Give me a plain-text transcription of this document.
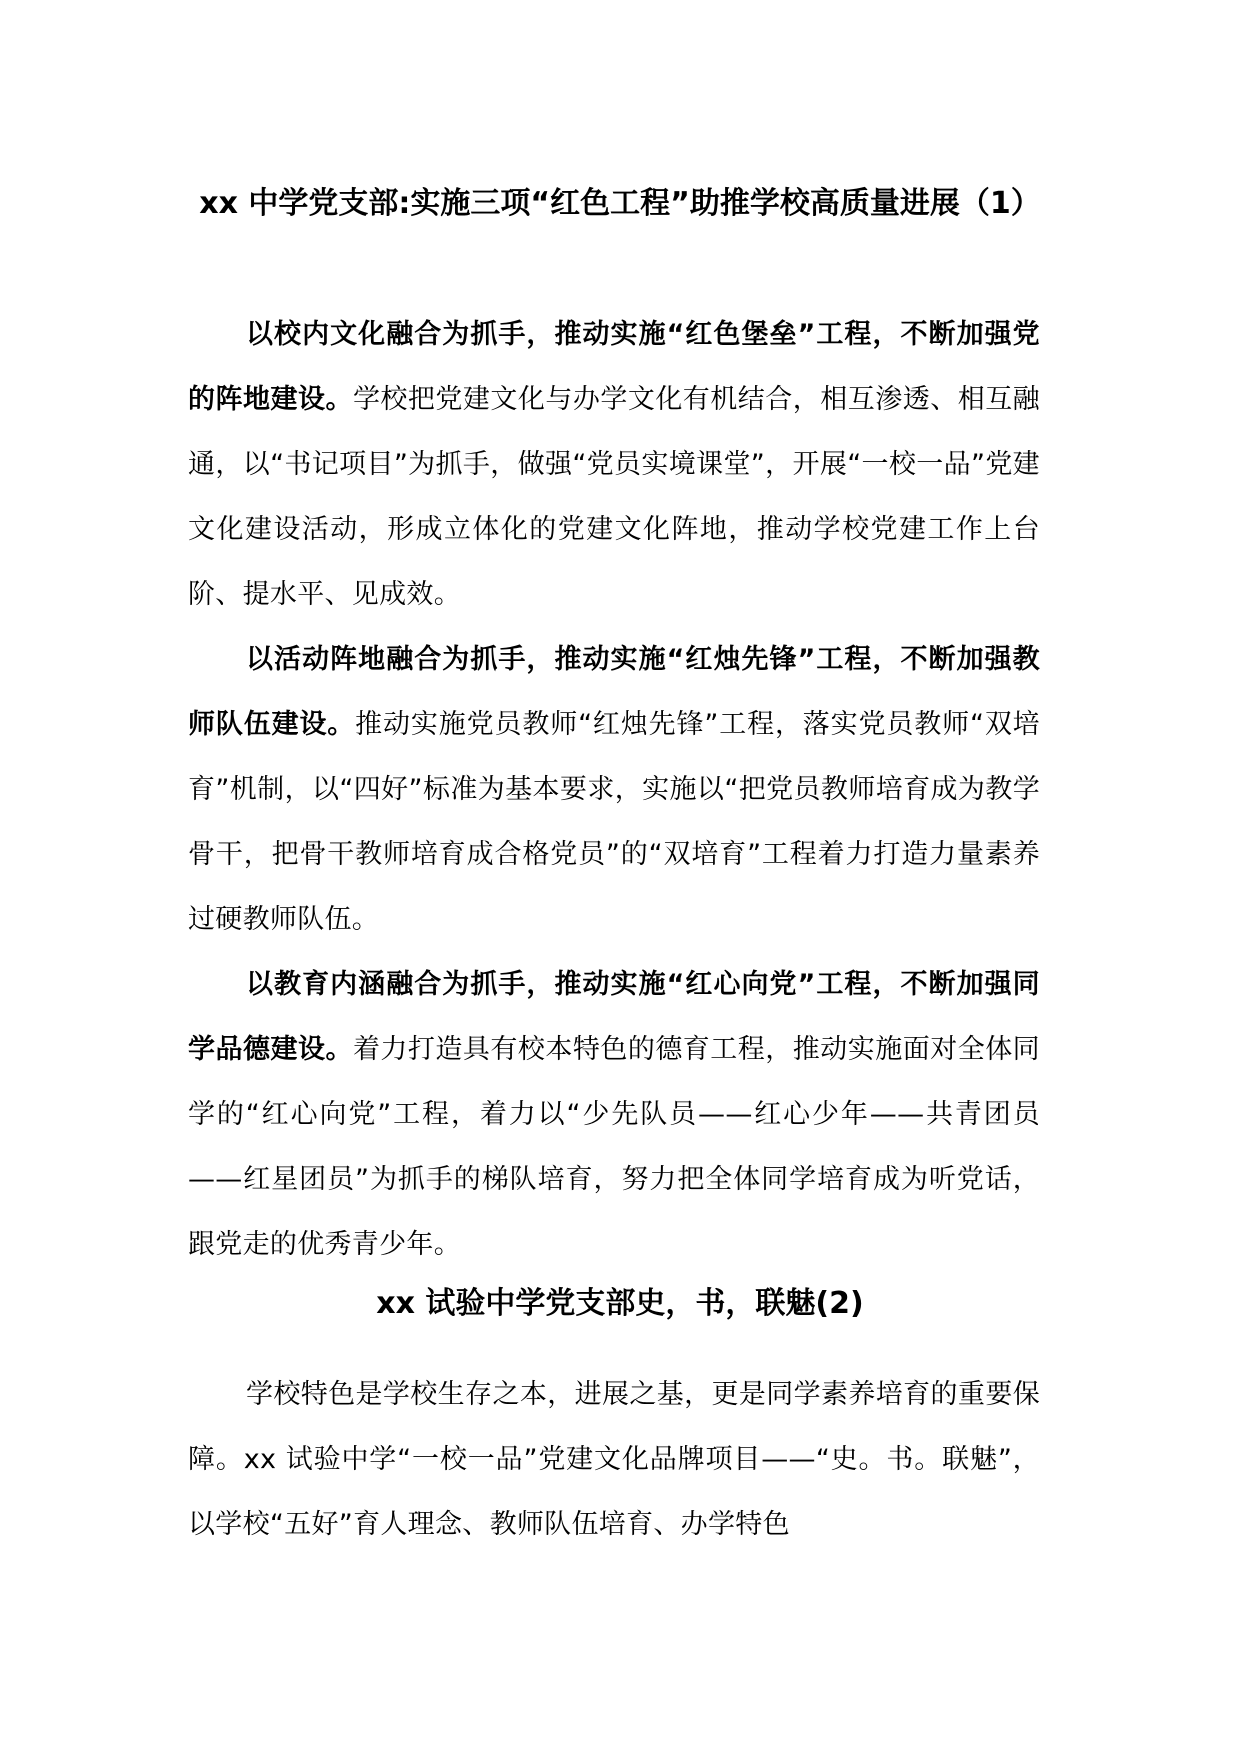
xx 中学党支部:实施三项“红色工程”助推学校高质量进展（1）

以校内文化融合为抓手，推动实施“红色堡垒”工程，不断加强党的阵地建设。学校把党建文化与办学文化有机结合，相互渗透、相互融通，以“书记项目”为抓手，做强“党员实境课堂”，开展“一校一品”党建文化建设活动，形成立体化的党建文化阵地，推动学校党建工作上台阶、提水平、见成效。

以活动阵地融合为抓手，推动实施“红烛先锋”工程，不断加强教师队伍建设。推动实施党员教师“红烛先锋”工程，落实党员教师“双培育”机制，以“四好”标准为基本要求，实施以“把党员教师培育成为教学骨干，把骨干教师培育成合格党员”的“双培育”工程着力打造力量素养过硬教师队伍。

以教育内涵融合为抓手，推动实施“红心向党”工程，不断加强同学品德建设。着力打造具有校本特色的德育工程，推动实施面对全体同学的“红心向党”工程，着力以“少先队员——红心少年——共青团员——红星团员”为抓手的梯队培育，努力把全体同学培育成为听党话，跟党走的优秀青少年。

xx 试验中学党支部史，书，联魅(2)

学校特色是学校生存之本，进展之基，更是同学素养培育的重要保障。xx 试验中学“一校一品”党建文化品牌项目——“史。书。联魅”，以学校“五好”育人理念、教师队伍培育、办学特色
